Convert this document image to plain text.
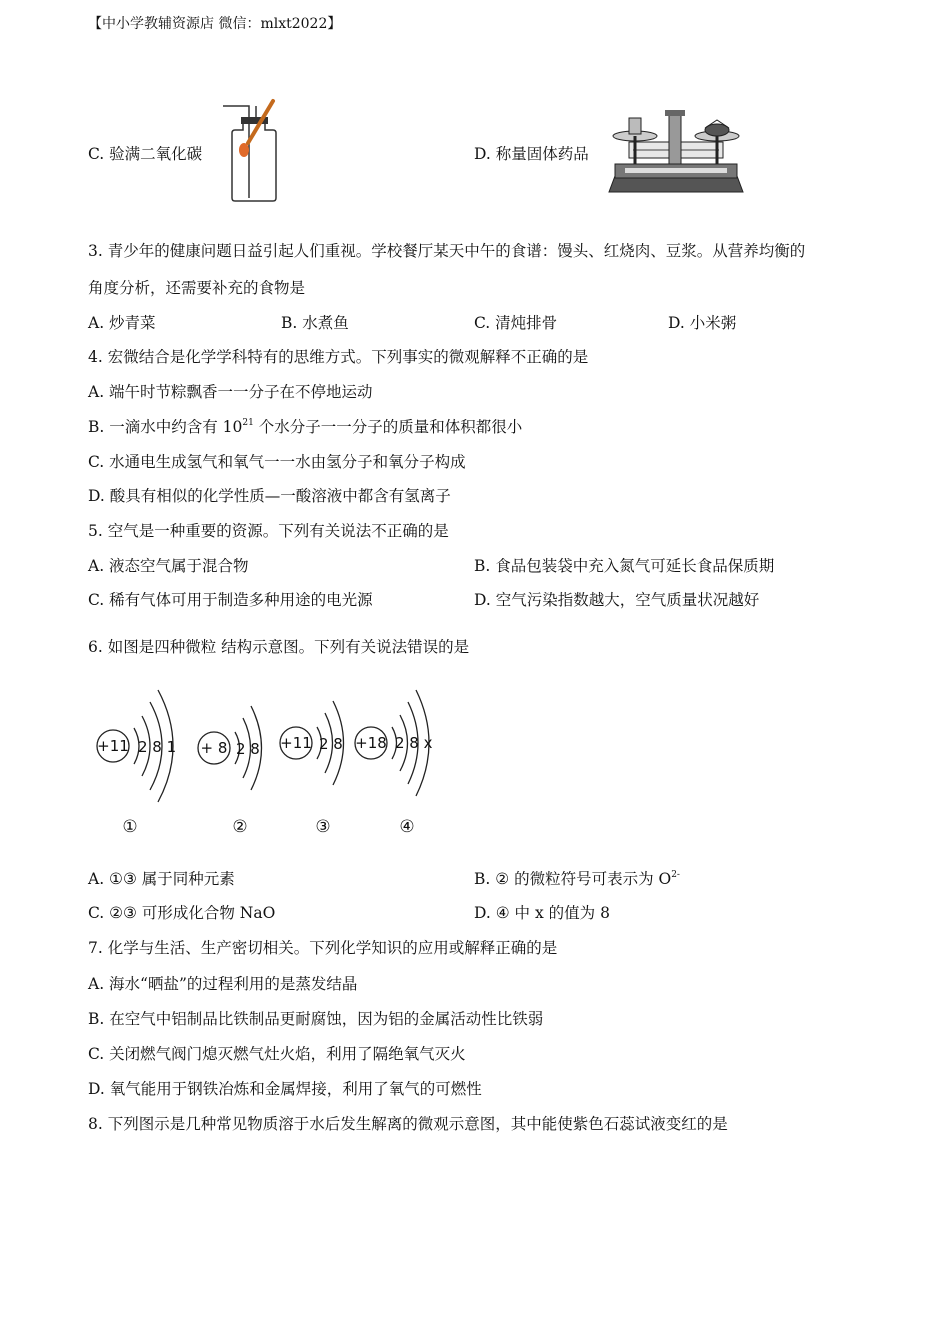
【中小学教辅资源店 微信：mlxt2022】
C. 验满二氧化碳	D. 称量固体药品
3. 青少年的健康问题日益引起人们重视。学校餐厅某天中午的食谱：馒头、红烧肉、豆浆。从营养均衡的
角度分析，还需要补充的食物是
A. 炒青菜	B. 水煮鱼	C. 清炖排骨	D. 小米粥
4. 宏微结合是化学学科特有的思维方式。下列事实的微观解释不正确的是
A. 端午时节粽飘香一一分子在不停地运动
B. 一滴水中约含有 $10^{21}$ 个水分子一一分子的质量和体积都很小
C. 水通电生成氢气和氧气一一水由氢分子和氧分子构成
D. 酸具有相似的化学性质—一酸溶液中都含有氢离子
5. 空气是一种重要的资源。下列有关说法不正确的是
A. 液态空气属于混合物	B. 食品包装袋中充入氮气可延长食品保质期
C. 稀有气体可用于制造多种用途的电光源	D. 空气污染指数越大，空气质量状况越好
6. 如图是四种微粒 结构示意图。下列有关说法错误的是
+11 2 8 1 + 8 2 8 +11 2 8 +18 2 8 x
①	②	③	④
A. ①③ 属于同种元素	B. ② 的微粒符号可表示为 $O^{2-}$
C. ②③ 可形成化合物 NaO	D. ④ 中 x 的值为 8
7. 化学与生活、生产密切相关。下列化学知识的应用或解释正确的是
A. 海水“晒盐”的过程利用的是蒸发结晶
B. 在空气中铝制品比铁制品更耐腐蚀，因为铝的金属活动性比铁弱
C. 关闭燃气阀门熄灭燃气灶火焰，利用了隔绝氧气灭火
D. 氧气能用于钢铁冶炼和金属焊接，利用了氧气的可燃性
8. 下列图示是几种常见物质溶于水后发生解离的微观示意图，其中能使紫色石蕊试液变红的是
